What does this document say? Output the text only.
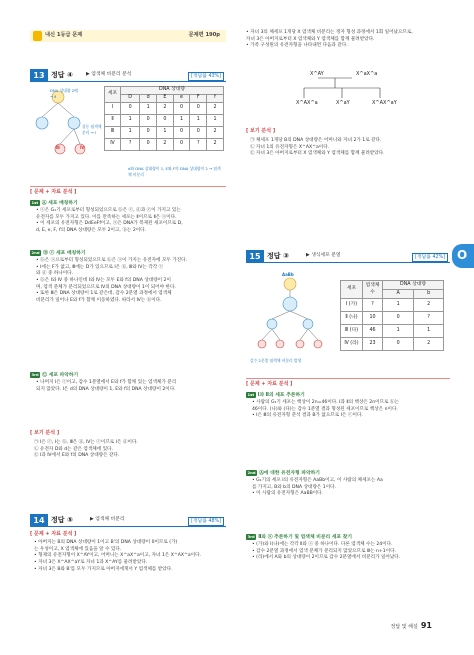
내신 1등급 문제	문제편 190p
13 정답 ④	▶ 염색체 비분리 분석	[정답률 43%]
DNA 상대량 2배 → Ⅱ
상동 염색체 분리 → Ⅰ
Ⅲ	Ⅳ
세포	DNA 상대량					
	D	d	E	e	F	f
Ⅰ	0	1	2	0	0	2
Ⅱ	1	0	0	1	1	1
Ⅲ	1	0	1	0	0	2
Ⅳ	?	0	2	0	?	2
d와 DNA 상대량이 1, E와 F의 DNA 상대량이 2 → 염색체 비분리
[ 문제 + 자료 분석 ]
1st Ⓐ 세포 매칭하기
• ⓐ은 G₁기 세포로부터 형성되었으므로 ⓑ은 ⓒ, ⓓ과 ⓔ이 가지고 있는
유전자를 모두 가지고 있다. 이를 만족하는 세포는 Ⅱ이므로 Ⅱ은 ⓐ이다.
• 이 세포의 유전자형은 DdEeFf이고, ⓐ은 DNA가 복제된 세포이므로 D,
d, E, e, F, f의 DNA 상대량은 모두 2이고, ⓑ는 2이다.
2nd Ⓑ ⓒ 세포 매칭하기
• ⓑ은 ⓐ으로부터 형성되었으므로 ⓑ은 ⓐ이 가지는 유전자에 모두 가진다.
• Ⅰ에는 F가 없고, Ⅲ에는 D가 있으므로 Ⅰ은 ⓑ, Ⅲ와 Ⅳ는 각각 ⓒ
와 ⓓ 중 하나이다.
• ⓑ은 Ⅰ와 Ⅳ 중 하나인데 Ⅰ와 Ⅳ는 모두 E와 f의 DNA 상대량이 2이
며, 염색 분체가 분리되었으므로 Ⅳ의 DNA 상대량이 1이 되어야 한다.
• 또한 Ⅲ은 DNA 상대량이 1로 같은데, 감수 2분열 과정에서 염색체
비분리가 일어나 E와 f가 함께 이동하였다. 따라서 Ⅳ는 ⓑ이다.
3rd Ⓒ 세포 파악하기
• 나머지 Ⅰ은 ⓒ이고, 감수 1분열에서 E와 f가 함께 있는 염색체가 분리
되지 않았다. Ⅰ은 d의 DNA 상대량이 1, E와 f의 DNA 상대량이 2이다.
[ 보기 분석 ]
㉠ Ⅰ은 ⓒ, Ⅰ는 ⓑ, Ⅲ은 ⓓ, Ⅳ는 ⓒ이므로 Ⅰ은 ⓓ이다.
㉡ 유전자 D와 d는 같은 염색체에 있다.
㉢ Ⅰ과 Ⅳ에서 E와 f의 DNA 상대량은 같다.
14 정답 ⑤	▶ 염색체 비분리	[정답률 48%]
[ 문제 + 자료 분석 ]
• 아버지는 B의 DNA 상대량이 1이고 B'의 DNA 상대량이 0이므로 (가)
는 우성이고, X 염색체에 있음을 알 수 있다.
• 형제의 유전자형이 X^AY이고, 어머니는 X^aX^a이고, 자녀 1은 X^AX^a이다.
• 자녀 3은 X^AX^aY로 자녀 1과 X^AY를 물려받았다.
• 자녀 3은 B와 B'를 모두 가지므로 아버지에게서 Y 염색체를 받았다.
• 자녀 3의 체세포 1개당 X 염색체 비분리는 정자 형성 과정에서 1회 일어났으므로,
자녀 3은 아버지로부터 X 염색체와 Y 염색체를 함께 물려받았다.
• 가족 구성원의 유전자형을 나타내면 다음과 같다.
X^AY	X^aX^a
X^AX^a	X^aY	X^AX^aY
[ 보기 분석 ]
㉠ 체세포 1개당 B의 DNA 상대량은 어머니와 자녀 2가 1로 같다.
㉡ 자녀 1의 유전자형은 X^AX^a이다.
㉢ 자녀 3은 아버지로부터 X 염색체와 Y 염색체를 함께 물려받았다.
15 정답 ③	▶ 생식세포 분열	[정답률 42%]
AaBb
감수 2분열 염색체 비분리 발생
세포	염색체 수	DNA 상대량	
		A	b
Ⅰ (가)	?	1	2
Ⅱ (나)	10	0	?
Ⅲ (다)	46	1	1
Ⅳ (라)	23	0	2
[ 문제 + 자료 분석 ]
1st Ⅰ과 Ⅱ의 세포 추론하기
• 사람의 G₁기 세포는 핵상이 2n=46이다. Ⅰ과 Ⅱ의 핵상은 2n이므로 ⓑ는
46이다. (나)와 (다)는 감수 1분열 결과 형성된 세포이므로 핵상은 n이다.
• Ⅰ은 Ⅲ의 유전자형 분석 결과 B가 없으므로 Ⅰ은 ⓒ이다.
2nd Ⓐ에 대한 유전자형 파악하기
• G₁기의 세포 Ⅰ의 유전자형은 AaBb이고, 이 사람의 체세포는 Aa
를 가지고, B와 b의 DNA 상대량은 1이다.
• 이 사람의 유전자형은 AaBB이다.
3rd Ⅱ와 ⓐ 추론하기 및 염색체 비분리 세포 찾기
• (가)와 Ⅰ(나)에는 각각 Ⅱ와 ⓐ 중 하나이다. 다른 염색체 수는 24이다.
• 감수 2분열 과정에서 염색 분체가 분리되지 않았으므로 Ⅲ는 n+1이다.
• (라)에서 A와 b의 상대량이 2이므로 감수 2분열에서 비분리가 일어났다.
O
정답 및 해설 91
